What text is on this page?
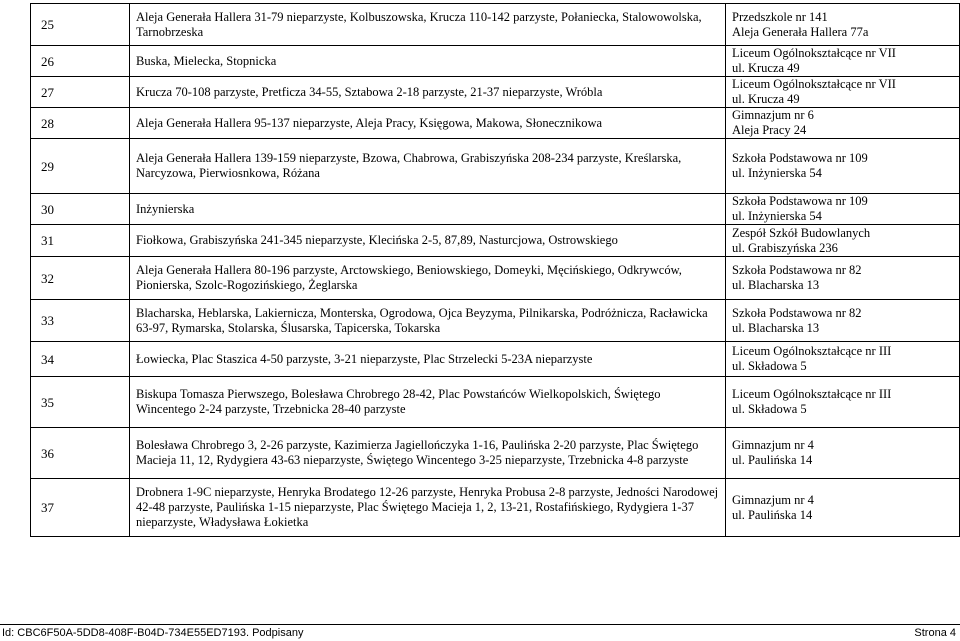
25	Aleja Generała Hallera 31-79 nieparzyste, Kolbuszowska, Krucza 110-142 parzyste, Połaniecka, Stalowowolska, Tarnobrzeska	Przedszkole nr 141
Aleja Generała Hallera 77a

26	Buska, Mielecka, Stopnicka	Liceum Ogólnokształcące nr VII
ul. Krucza 49

27	Krucza 70-108 parzyste, Pretficza 34-55, Sztabowa 2-18 parzyste, 21-37 nieparzyste, Wróbla	Liceum Ogólnokształcące nr VII
ul. Krucza 49

28	Aleja Generała Hallera 95-137 nieparzyste, Aleja Pracy, Księgowa, Makowa, Słonecznikowa	Gimnazjum nr 6
Aleja Pracy 24

29	Aleja Generała Hallera 139-159 nieparzyste, Bzowa, Chabrowa, Grabiszyńska 208-234 parzyste, Kreślarska, Narcyzowa, Pierwiosnkowa, Różana	Szkoła Podstawowa nr 109
ul. Inżynierska 54

30	Inżynierska	Szkoła Podstawowa nr 109
ul. Inżynierska 54

31	Fiołkowa, Grabiszyńska 241-345 nieparzyste, Klecińska 2-5, 87,89, Nasturcjowa, Ostrowskiego	Zespół Szkół Budowlanych
ul. Grabiszyńska 236

32	Aleja Generała Hallera 80-196 parzyste, Arctowskiego, Beniowskiego, Domeyki, Męcińskiego, Odkrywców, Pionierska, Szolc-Rogozińskiego, Żeglarska	Szkoła Podstawowa nr 82
ul. Blacharska 13

33	Blacharska, Heblarska, Lakiernicza, Monterska, Ogrodowa, Ojca Beyzyma, Pilnikarska, Podróżnicza, Racławicka 63-97, Rymarska, Stolarska, Ślusarska, Tapicerska, Tokarska	Szkoła Podstawowa nr 82
ul. Blacharska 13

34	Łowiecka, Plac Staszica 4-50 parzyste, 3-21 nieparzyste, Plac Strzelecki 5-23A nieparzyste	Liceum Ogólnokształcące nr III
ul. Składowa 5

35	Biskupa Tomasza Pierwszego, Bolesława Chrobrego 28-42, Plac Powstańców Wielkopolskich, Świętego Wincentego 2-24 parzyste, Trzebnicka 28-40 parzyste	Liceum Ogólnokształcące nr III
ul. Składowa 5

36	Bolesława Chrobrego 3, 2-26 parzyste, Kazimierza Jagiellończyka 1-16, Paulińska 2-20 parzyste, Plac Świętego Macieja 11, 12, Rydygiera 43-63 nieparzyste, Świętego Wincentego 3-25 nieparzyste, Trzebnicka 4-8 parzyste	Gimnazjum nr 4
ul. Paulińska 14

37	Drobnera 1-9C nieparzyste, Henryka Brodatego 12-26 parzyste, Henryka Probusa 2-8 parzyste, Jedności Narodowej 42-48 parzyste, Paulińska 1-15 nieparzyste, Plac Świętego Macieja 1, 2, 13-21, Rostafińskiego, Rydygiera 1-37 nieparzyste, Władysława Łokietka	Gimnazjum nr 4
ul. Paulińska 14
Id: CBC6F50A-5DD8-408F-B04D-734E55ED7193. Podpisany	Strona 4
